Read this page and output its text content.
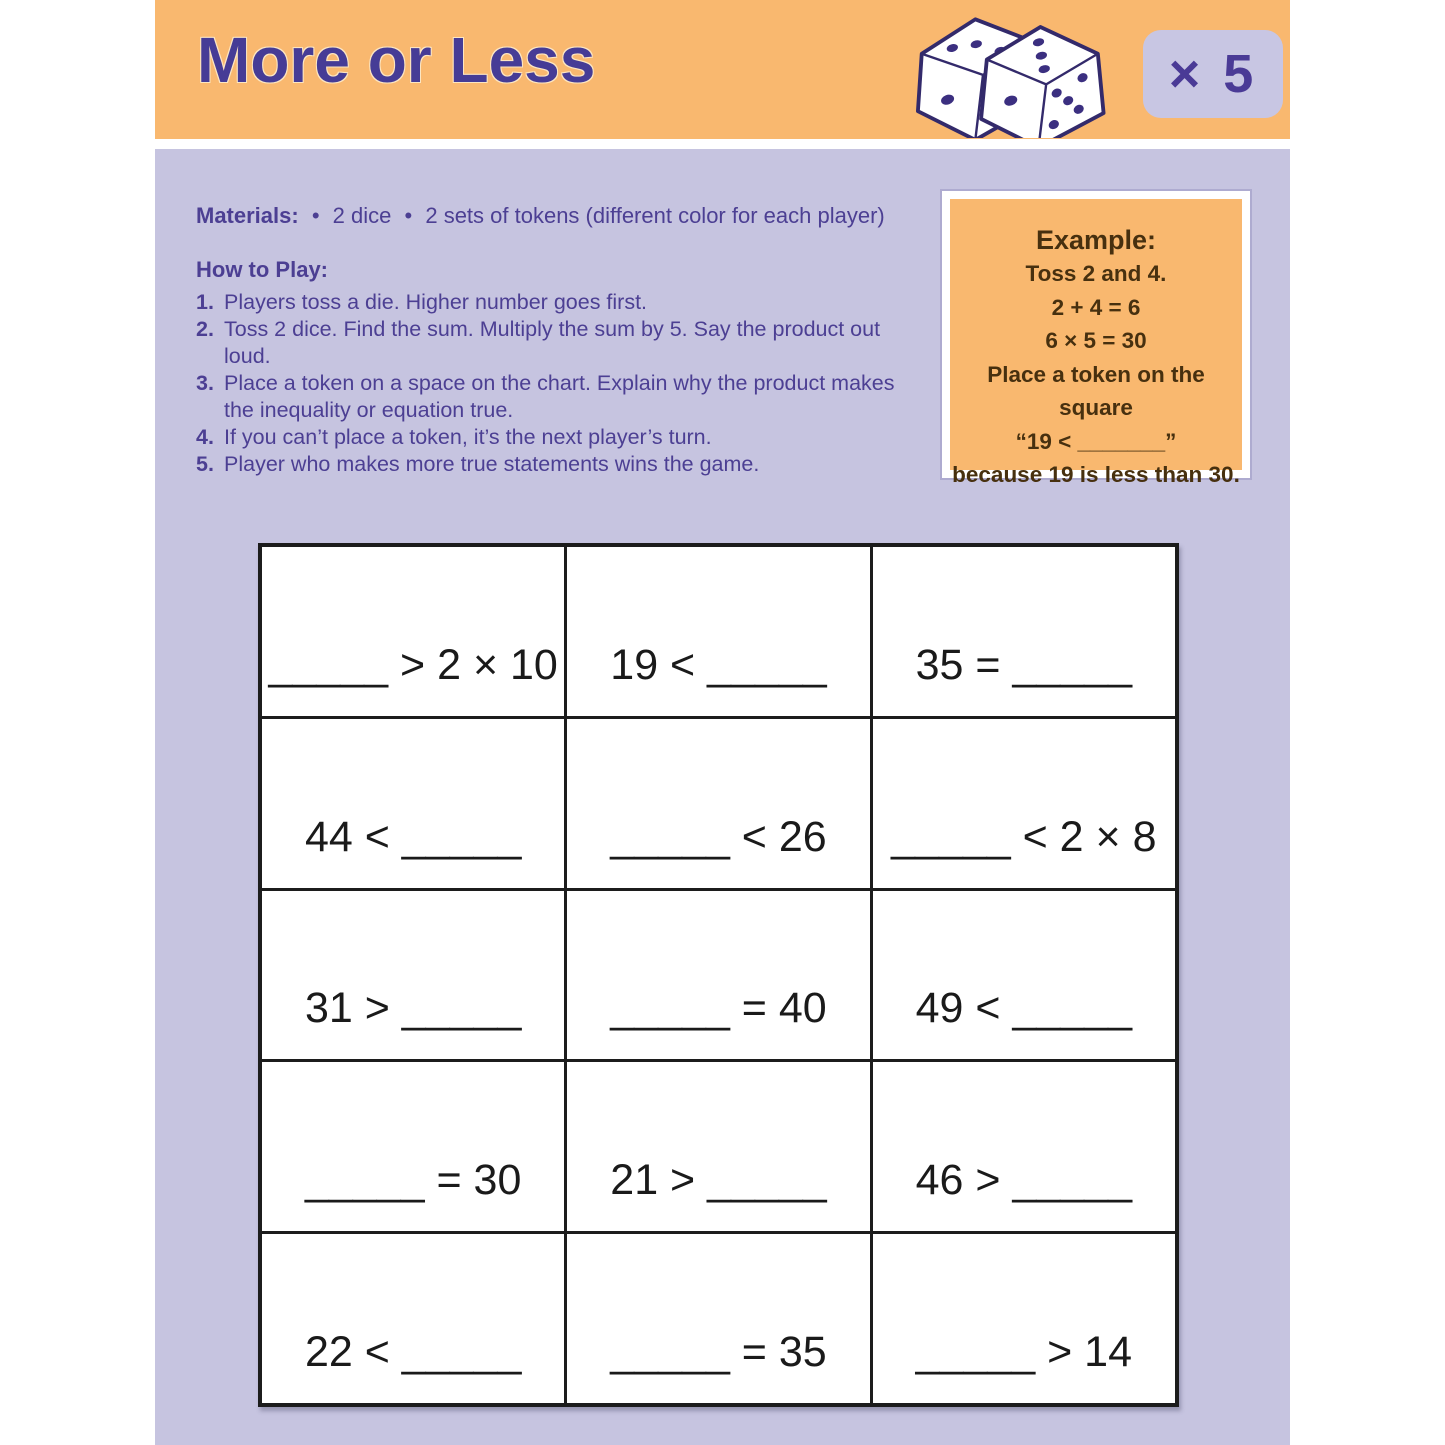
More or Less	× 5

Materials: • 2 dice • 2 sets of tokens (different color for each player)

How to Play:
1. Players toss a die. Higher number goes first.
2. Toss 2 dice. Find the sum. Multiply the sum by 5. Say the product out loud.
3. Place a token on a space on the chart. Explain why the product makes the inequality or equation true.
4. If you can’t place a token, it’s the next player’s turn.
5. Player who makes more true statements wins the game.
Example:
Toss 2 and 4.
2 + 4 = 6
6 × 5 = 30
Place a token on the square
“19 < _______”
because 19 is less than 30.
_____ > 2 × 10	19 < _____	35 = _____
44 < _____	_____ < 26	_____ < 2 × 8
31 > _____	_____ = 40	49 < _____
_____ = 30	21 > _____	46 > _____
22 < _____	_____ = 35	_____ > 14
